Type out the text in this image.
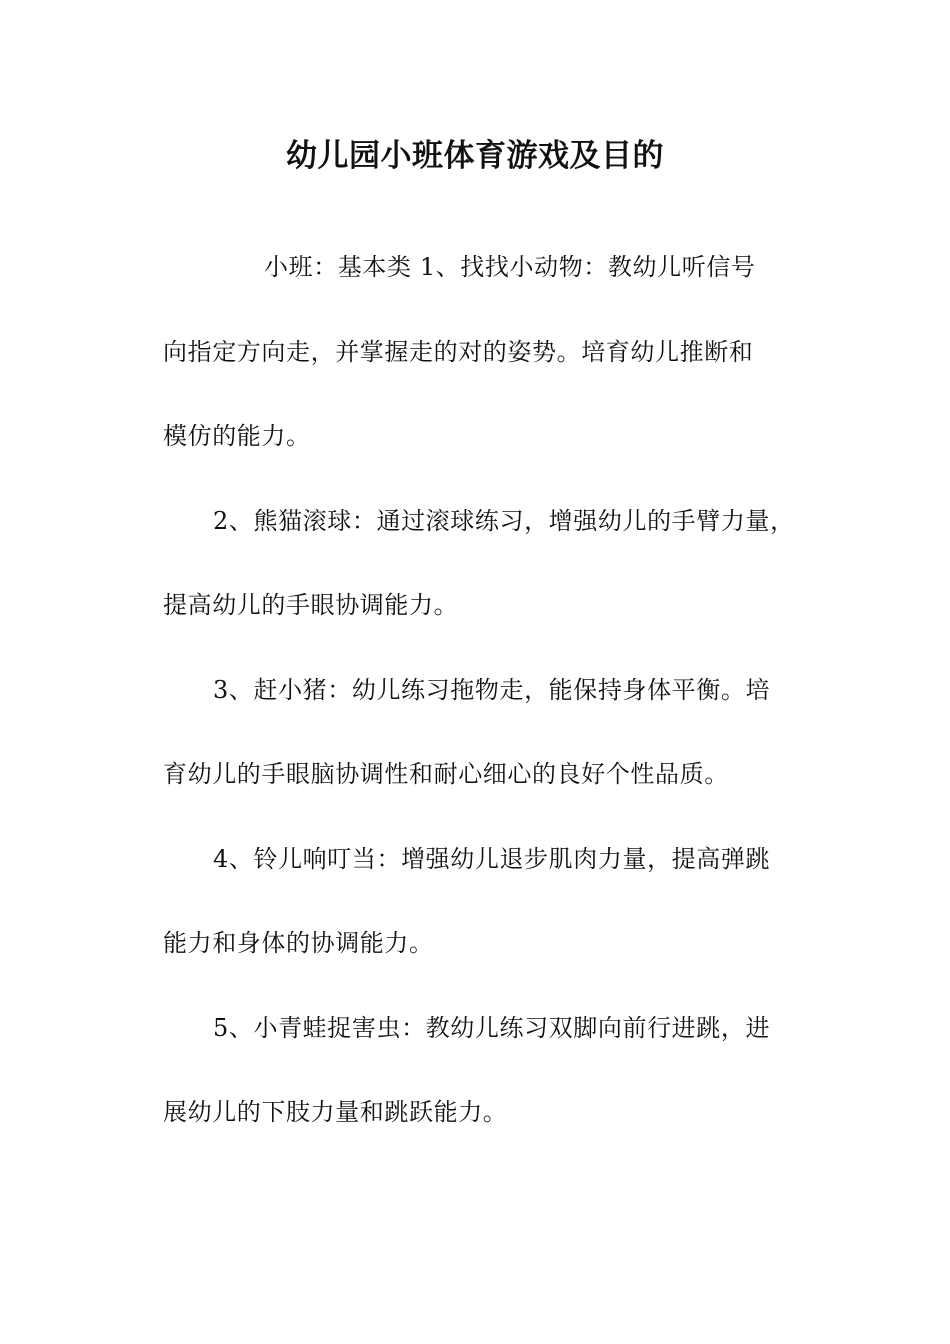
幼儿园小班体育游戏及目的
小班：基本类 1、找找小动物：教幼儿听信号
向指定方向走，并掌握走的对的姿势。培育幼儿推断和
模仿的能力。
2、熊猫滚球：通过滚球练习，增强幼儿的手臂力量，
提高幼儿的手眼协调能力。
3、赶小猪：幼儿练习拖物走，能保持身体平衡。培
育幼儿的手眼脑协调性和耐心细心的良好个性品质。
4、铃儿响叮当：增强幼儿退步肌肉力量，提高弹跳
能力和身体的协调能力。
5、小青蛙捉害虫：教幼儿练习双脚向前行进跳，进
展幼儿的下肢力量和跳跃能力。
